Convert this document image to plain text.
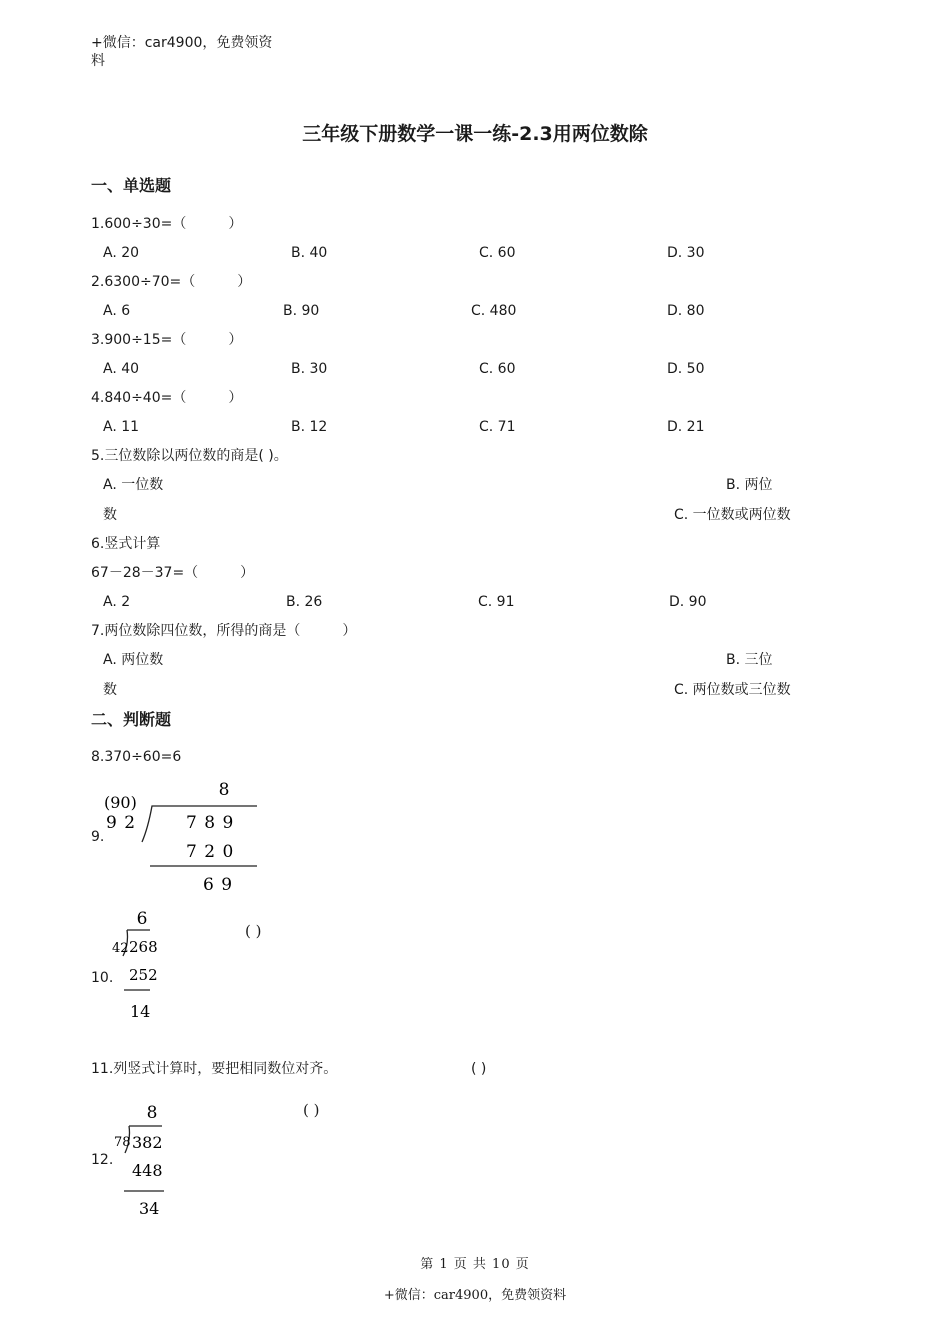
+微信：car4900，免费领资
料
三年级下册数学一课一练-2.3用两位数除
一、单选题
1.600÷30=（　　　）
A. 20	B. 40	C. 60	D. 30
2.6300÷70=（　　　）
A. 6	B. 90	C. 480	D. 80
3.900÷15=（　　　）
A. 40	B. 30	C. 60	D. 50
4.840÷40=（　　　）
A. 11	B. 12	C. 71	D. 21
5.三位数除以两位数的商是( )。
A. 一位数	B. 两位
数	C. 一位数或两位数
6.竖式计算
67－28－37=（　　　）
A. 2	B. 26	C. 91	D. 90
7.两位数除四位数，所得的商是（　　　）
A. 两位数	B. 三位
数	C. 两位数或三位数
二、判断题
8.370÷60=6
9.
8
(90)
9 2	7 8 9
7 2 0
6 9
10.
6
42 268
252
14
( )
11.列竖式计算时，要把相同数位对齐。	( )
12.
8
78 382
448
34
( )
第 1 页 共 10 页
+微信：car4900，免费领资料
